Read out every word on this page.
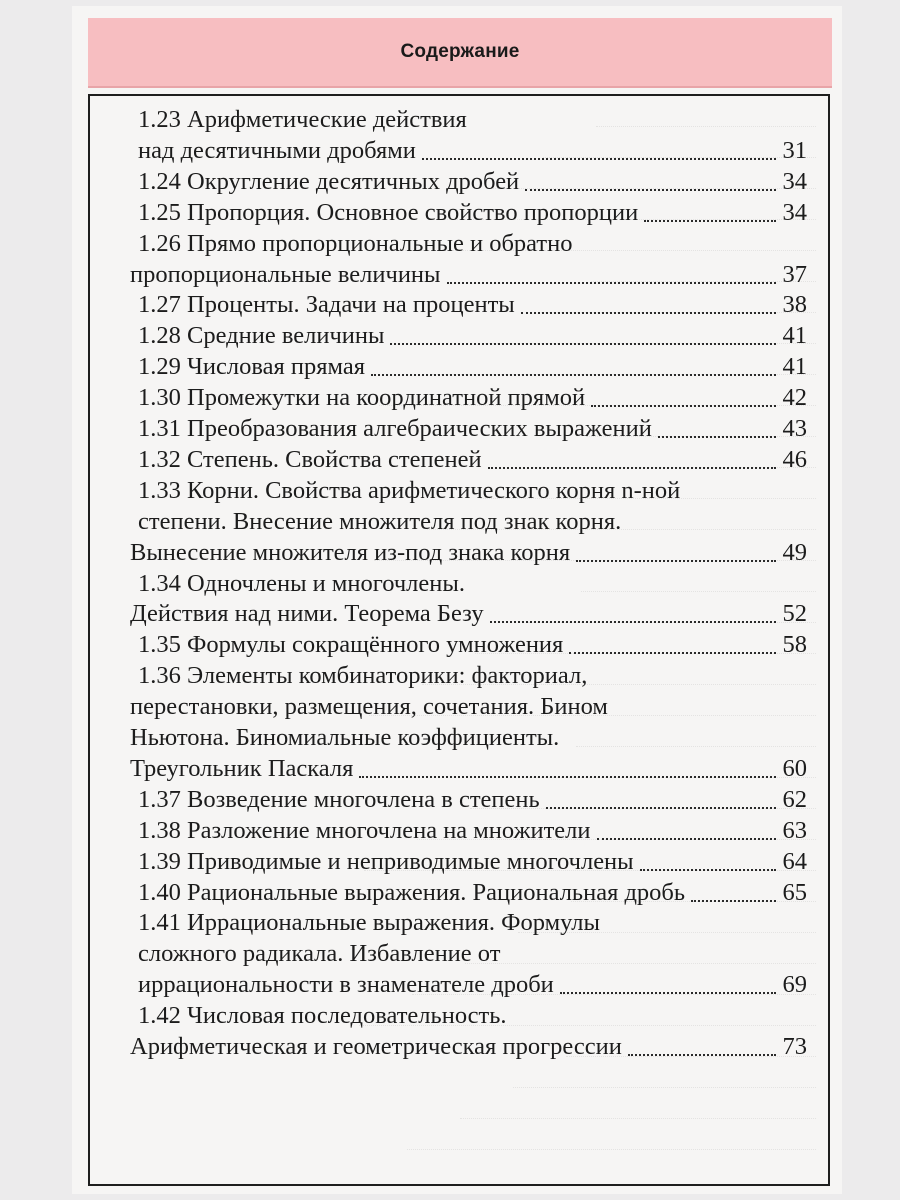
Содержание
1.23 Арифметические действия
над десятичными дробями	31
1.24 Округление десятичных дробей	34
1.25 Пропорция. Основное свойство пропорции	34
1.26 Прямо пропорциональные и обратно
пропорциональные величины	37
1.27 Проценты. Задачи на проценты	38
1.28 Средние величины	41
1.29 Числовая прямая	41
1.30 Промежутки на координатной прямой	42
1.31 Преобразования алгебраических выражений	43
1.32 Степень. Свойства степеней	46
1.33 Корни. Свойства арифметического корня n-ной
степени. Внесение множителя под знак корня.
Вынесение множителя из-под знака корня	49
1.34 Одночлены и многочлены.
Действия над ними. Теорема Безу	52
1.35 Формулы сокращённого умножения	58
1.36 Элементы комбинаторики: факториал,
перестановки, размещения, сочетания. Бином
Ньютона. Биномиальные коэффициенты.
Треугольник Паскаля	60
1.37 Возведение многочлена в степень	62
1.38 Разложение многочлена на множители	63
1.39 Приводимые и неприводимые многочлены	64
1.40 Рациональные выражения. Рациональная дробь	65
1.41 Иррациональные выражения. Формулы
сложного радикала. Избавление от
иррациональности в знаменателе дроби	69
1.42 Числовая последовательность.
Арифметическая и геометрическая прогрессии	73
